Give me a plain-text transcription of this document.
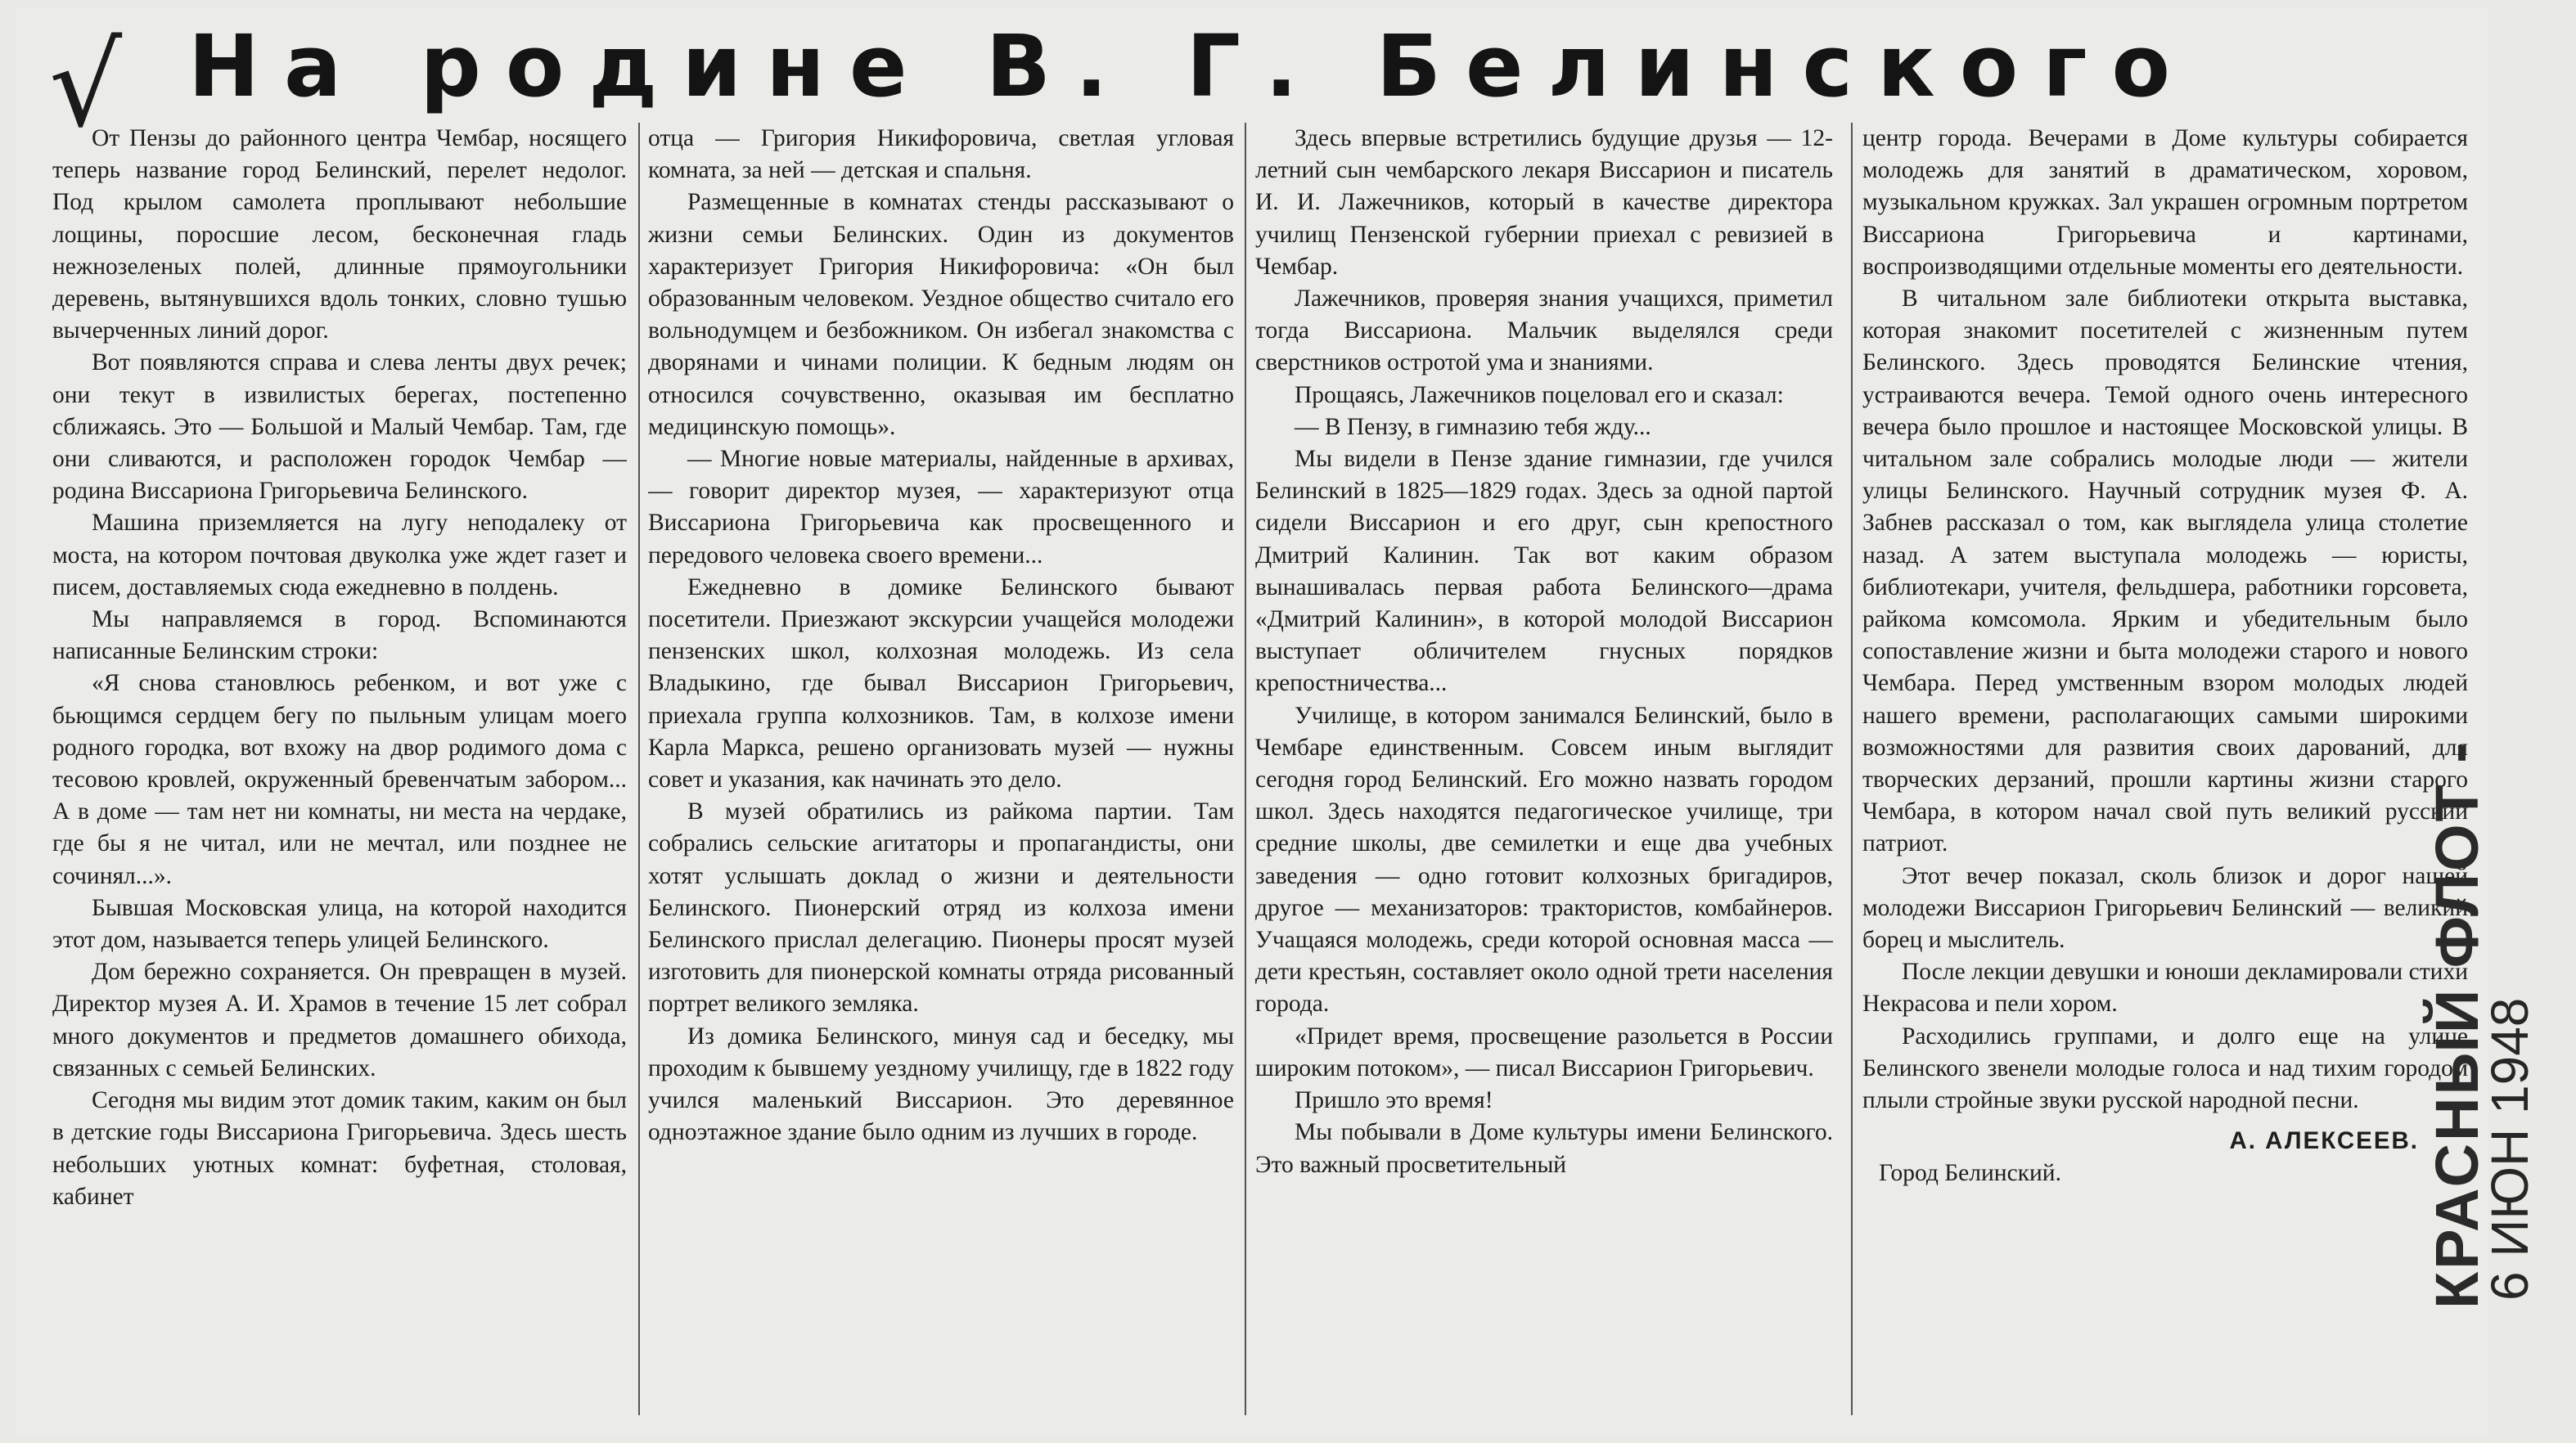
√ На родине В. Г. Белинского

От Пензы до районного центра Чембар, носящего теперь название город Белинский, перелет недолог. Под крылом самолета проплывают небольшие лощины, поросшие лесом, бесконечная гладь нежнозеленых полей, длинные прямоугольники деревень, вытянувшихся вдоль тонких, словно тушью вычерченных линий дорог.

Вот появляются справа и слева ленты двух речек; они текут в извилистых берегах, постепенно сближаясь. Это — Большой и Малый Чембар. Там, где они сливаются, и расположен городок Чембар — родина Виссариона Григорьевича Белинского.

Машина приземляется на лугу неподалеку от моста, на котором почтовая двуколка уже ждет газет и писем, доставляемых сюда ежедневно в полдень.

Мы направляемся в город. Вспоминаются написанные Белинским строки:

«Я снова становлюсь ребенком, и вот уже с бьющимся сердцем бегу по пыльным улицам моего родного городка, вот вхожу на двор родимого дома с тесовою кровлей, окруженный бревенчатым забором... А в доме — там нет ни комнаты, ни места на чердаке, где бы я не читал, или не мечтал, или позднее не сочинял...».

Бывшая Московская улица, на которой находится этот дом, называется теперь улицей Белинского.

Дом бережно сохраняется. Он превращен в музей. Директор музея А. И. Храмов в течение 15 лет собрал много документов и предметов домашнего обихода, связанных с семьей Белинских.

Сегодня мы видим этот домик таким, каким он был в детские годы Виссариона Григорьевича. Здесь шесть небольших уютных комнат: буфетная, столовая, кабинет

отца — Григория Никифоровича, светлая угловая комната, за ней — детская и спальня.

Размещенные в комнатах стенды рассказывают о жизни семьи Белинских. Один из документов характеризует Григория Никифоровича: «Он был образованным человеком. Уездное общество считало его вольнодумцем и безбожником. Он избегал знакомства с дворянами и чинами полиции. К бедным людям он относился сочувственно, оказывая им бесплатно медицинскую помощь».

— Многие новые материалы, найденные в архивах, — говорит директор музея, — характеризуют отца Виссариона Григорьевича как просвещенного и передового человека своего времени...

Ежедневно в домике Белинского бывают посетители. Приезжают экскурсии учащейся молодежи пензенских школ, колхозная молодежь. Из села Владыкино, где бывал Виссарион Григорьевич, приехала группа колхозников. Там, в колхозе имени Карла Маркса, решено организовать музей — нужны совет и указания, как начинать это дело.

В музей обратились из райкома партии. Там собрались сельские агитаторы и пропагандисты, они хотят услышать доклад о жизни и деятельности Белинского. Пионерский отряд из колхоза имени Белинского прислал делегацию. Пионеры просят музей изготовить для пионерской комнаты отряда рисованный портрет великого земляка.

Из домика Белинского, минуя сад и беседку, мы проходим к бывшему уездному училищу, где в 1822 году учился маленький Виссарион. Это деревянное одноэтажное здание было одним из лучших в городе.

Здесь впервые встретились будущие друзья — 12-летний сын чембарского лекаря Виссарион и писатель И. И. Лажечников, который в качестве директора училищ Пензенской губернии приехал с ревизией в Чембар.

Лажечников, проверяя знания учащихся, приметил тогда Виссариона. Мальчик выделялся среди сверстников остротой ума и знаниями.

Прощаясь, Лажечников поцеловал его и сказал:

— В Пензу, в гимназию тебя жду...

Мы видели в Пензе здание гимназии, где учился Белинский в 1825—1829 годах. Здесь за одной партой сидели Виссарион и его друг, сын крепостного Дмитрий Калинин. Так вот каким образом вынашивалась первая работа Белинского—драма «Дмитрий Калинин», в которой молодой Виссарион выступает обличителем гнусных порядков крепостничества...

Училище, в котором занимался Белинский, было в Чембаре единственным. Совсем иным выглядит сегодня город Белинский. Его можно назвать городом школ. Здесь находятся педагогическое училище, три средние школы, две семилетки и еще два учебных заведения — одно готовит колхозных бригадиров, другое — механизаторов: трактористов, комбайнеров. Учащаяся молодежь, среди которой основная масса — дети крестьян, составляет около одной трети населения города.

«Придет время, просвещение разольется в России широким потоком», — писал Виссарион Григорьевич.

Пришло это время!

Мы побывали в Доме культуры имени Белинского. Это важный просветительный

центр города. Вечерами в Доме культуры собирается молодежь для занятий в драматическом, хоровом, музыкальном кружках. Зал украшен огромным портретом Виссариона Григорьевича и картинами, воспроизводящими отдельные моменты его деятельности.

В читальном зале библиотеки открыта выставка, которая знакомит посетителей с жизненным путем Белинского. Здесь проводятся Белинские чтения, устраиваются вечера. Темой одного очень интересного вечера было прошлое и настоящее Московской улицы. В читальном зале собрались молодые люди — жители улицы Белинского. Научный сотрудник музея Ф. А. Забнев рассказал о том, как выглядела улица столетие назад. А затем выступала молодежь — юристы, библиотекари, учителя, фельдшера, работники горсовета, райкома комсомола. Ярким и убедительным было сопоставление жизни и быта молодежи старого и нового Чембара. Перед умственным взором молодых людей нашего времени, располагающих самыми широкими возможностями для развития своих дарований, для творческих дерзаний, прошли картины жизни старого Чембара, в котором начал свой путь великий русский патриот.

Этот вечер показал, сколь близок и дорог нашей молодежи Виссарион Григорьевич Белинский — великий борец и мыслитель.

После лекции девушки и юноши декламировали стихи Некрасова и пели хором.

Расходились группами, и долго еще на улице Белинского звенели молодые голоса и над тихим городом плыли стройные звуки русской народной песни.

А. АЛЕКСЕЕВ.

Город Белинский.	КРАСНЫЙ ФЛОТ -
6 ИЮН 1948
